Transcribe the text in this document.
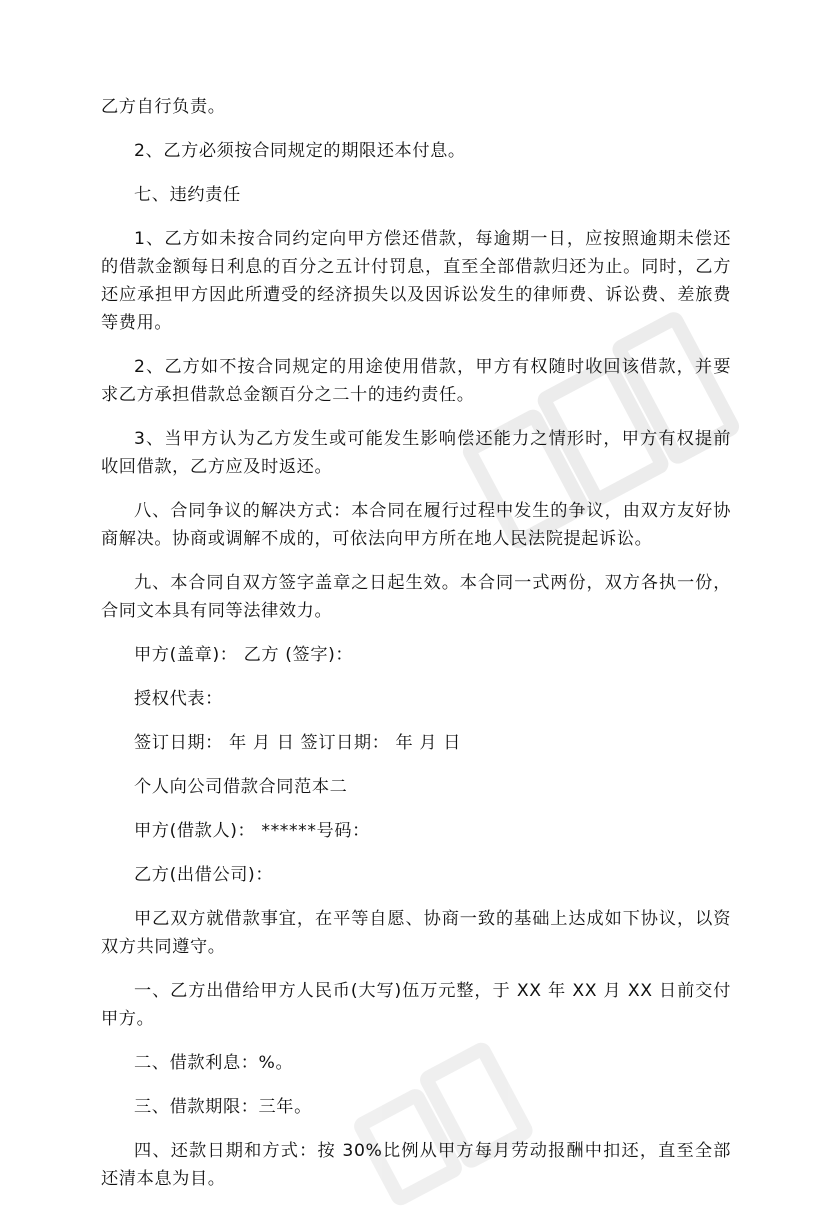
乙方自行负责。

2、乙方必须按合同规定的期限还本付息。

七、违约责任

1、乙方如未按合同约定向甲方偿还借款，每逾期一日，应按照逾期未偿还的借款金额每日利息的百分之五计付罚息，直至全部借款归还为止。同时，乙方还应承担甲方因此所遭受的经济损失以及因诉讼发生的律师费、诉讼费、差旅费等费用。

2、乙方如不按合同规定的用途使用借款，甲方有权随时收回该借款，并要求乙方承担借款总金额百分之二十的违约责任。

3、当甲方认为乙方发生或可能发生影响偿还能力之情形时，甲方有权提前收回借款，乙方应及时返还。

八、合同争议的解决方式：本合同在履行过程中发生的争议，由双方友好协商解决。协商或调解不成的，可依法向甲方所在地人民法院提起诉讼。

九、本合同自双方签字盖章之日起生效。本合同一式两份，双方各执一份，合同文本具有同等法律效力。

甲方(盖章)： 乙方 (签字)：

授权代表：

签订日期： 年 月 日 签订日期： 年 月 日

个人向公司借款合同范本二

甲方(借款人)： ******号码：

乙方(出借公司)：

甲乙双方就借款事宜，在平等自愿、协商一致的基础上达成如下协议，以资双方共同遵守。

一、乙方出借给甲方人民币(大写)伍万元整，于 XX 年 XX 月 XX 日前交付甲方。

二、借款利息：%。

三、借款期限：三年。

四、还款日期和方式：按 30%比例从甲方每月劳动报酬中扣还，直至全部还清本息为目。
